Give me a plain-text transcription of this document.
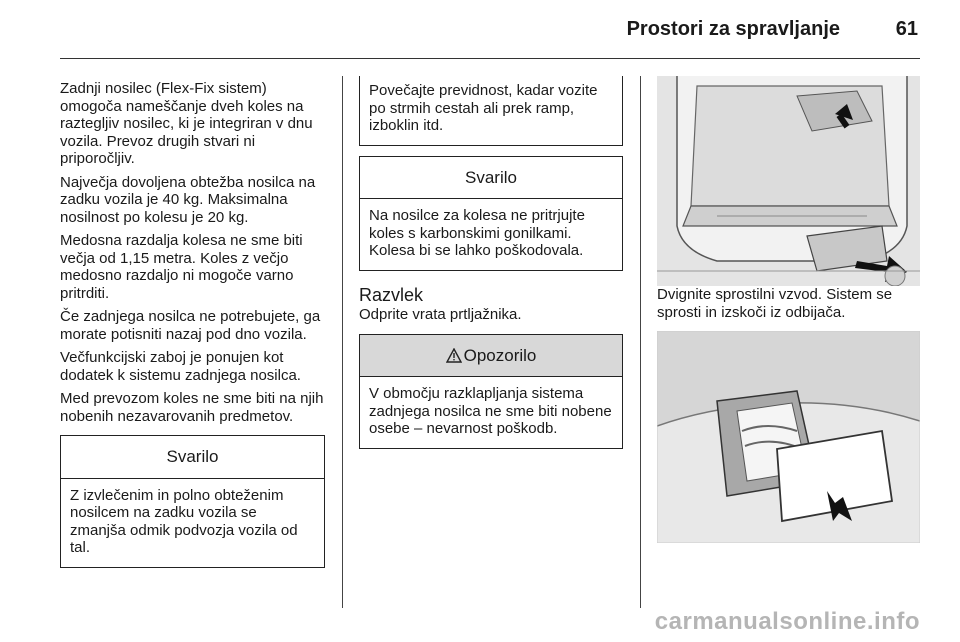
Prostori za spravljanje	61

Zadnji nosilec (Flex-Fix sistem) omogoča nameščanje dveh koles na raztegljiv nosilec, ki je integriran v dnu vozila. Prevoz drugih stvari ni priporočljiv.

Največja dovoljena obtežba nosilca na zadku vozila je 40 kg. Maksimalna nosilnost po kolesu je 20 kg.

Medosna razdalja kolesa ne sme biti večja od 1,15 metra. Koles z večjo medosno razdaljo ni mogoče varno pritrditi.

Če zadnjega nosilca ne potrebujete, ga morate potisniti nazaj pod dno vozila.

Večfunkcijski zaboj je ponujen kot dodatek k sistemu zadnjega nosilca.

Med prevozom koles ne sme biti na njih nobenih nezavarovanih predmetov.

Svarilo
Z izvlečenim in polno obteženim nosilcem na zadku vozila se zmanjša odmik podvozja vozila od tal.
Povečajte previdnost, kadar vozite po strmih cestah ali prek ramp, izboklin itd.
Svarilo
Na nosilce za kolesa ne pritrjujte koles s karbonskimi gonilkami. Kolesa bi se lahko poškodovala.
Razvlek

Odprite vrata prtljažnika.

Opozorilo
V območju razklapljanja sistema zadnjega nosilca ne sme biti nobene osebe – nevarnost poškodb.

Dvignite sprostilni vzvod. Sistem se sprosti in izskoči iz odbijača.

carmanualsonline.info
